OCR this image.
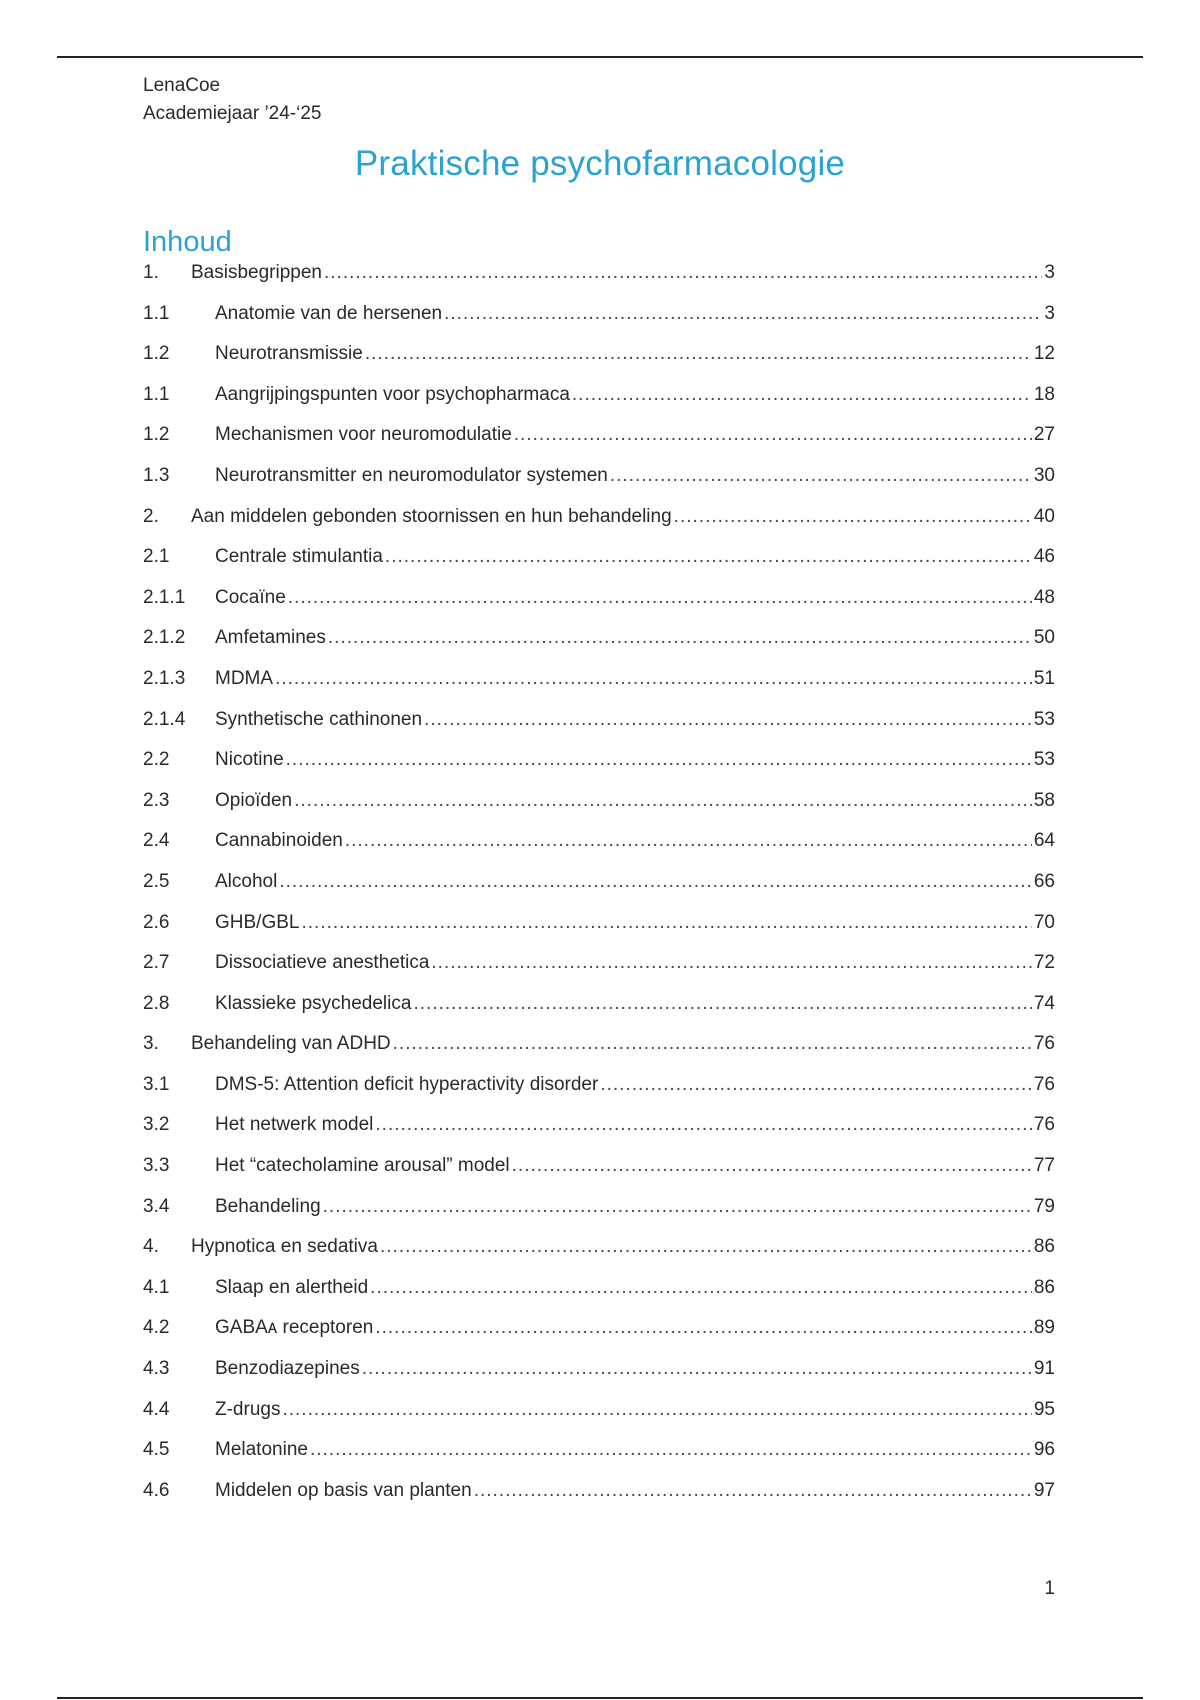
LenaCoe
Academiejaar ’24-‘25
Praktische psychofarmacologie
Inhoud
1.	Basisbegrippen .....	3
1.1	Anatomie van de hersenen .....	3
1.2	Neurotransmissie .....	12
1.1	Aangrijpingspunten voor psychopharmaca .....	18
1.2	Mechanismen voor neuromodulatie .....	27
1.3	Neurotransmitter en neuromodulator systemen .....	30
2.	Aan middelen gebonden stoornissen en hun behandeling .....	40
2.1	Centrale stimulantia .....	46
2.1.1	Cocaïne .....	48
2.1.2	Amfetamines .....	50
2.1.3	MDMA .....	51
2.1.4	Synthetische cathinonen .....	53
2.2	Nicotine .....	53
2.3	Opioïden .....	58
2.4	Cannabinoiden .....	64
2.5	Alcohol .....	66
2.6	GHB/GBL .....	70
2.7	Dissociatieve anesthetica .....	72
2.8	Klassieke psychedelica .....	74
3.	Behandeling van ADHD .....	76
3.1	DMS-5: Attention deficit hyperactivity disorder .....	76
3.2	Het netwerk model .....	76
3.3	Het “catecholamine arousal” model .....	77
3.4	Behandeling .....	79
4.	Hypnotica en sedativa .....	86
4.1	Slaap en alertheid .....	86
4.2	GABAᴀ receptoren .....	89
4.3	Benzodiazepines .....	91
4.4	Z-drugs .....	95
4.5	Melatonine .....	96
4.6	Middelen op basis van planten .....	97
1
